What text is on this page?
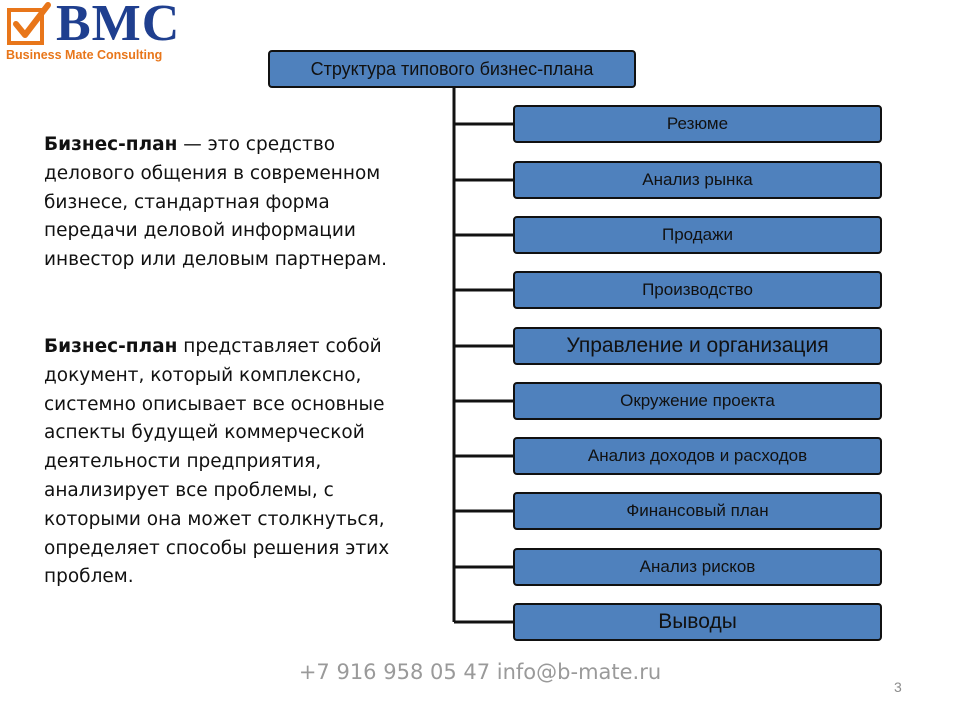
BMC
Business Mate Consulting

Бизнес-план — это средство делового общения в современном бизнесе, стандартная форма передачи деловой информации инвестор или деловым партнерам.

Бизнес-план представляет собой документ, который комплексно, системно описывает все основные аспекты будущей коммерческой деятельности предприятия, анализирует все проблемы, с которыми она может столкнуться, определяет способы решения этих проблем.

Структура типового бизнес-плана
Резюме
Анализ рынка
Продажи
Производство
Управление и организация
Окружение проекта
Анализ доходов и расходов
Финансовый план
Анализ рисков
Выводы
+7 916 958 05 47 info@b-mate.ru
3
